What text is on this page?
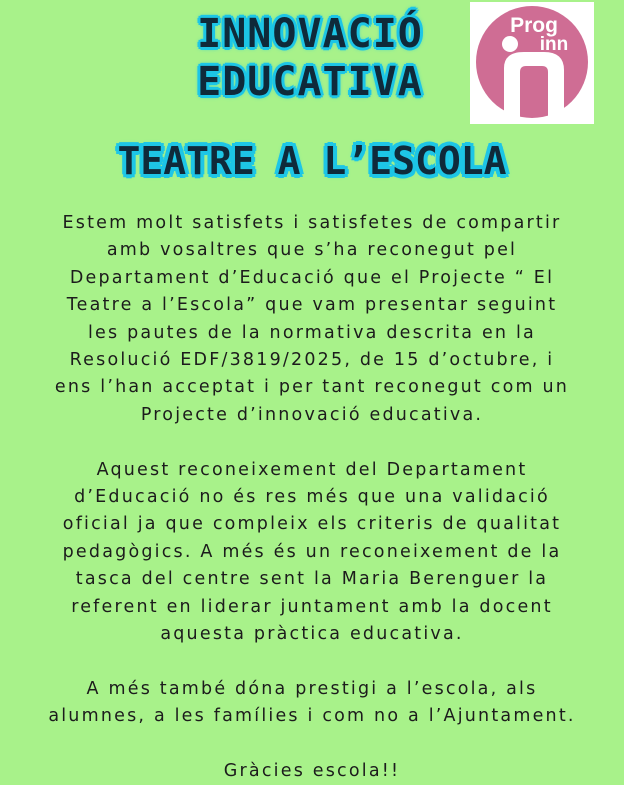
INNOVACIÓ
EDUCATIVA
Prog
inn
TEATRE A L’ESCOLA

Estem molt satisfets i satisfetes de compartir
amb vosaltres que s’ha reconegut pel
Departament d’Educació que el Projecte “ El
Teatre a l’Escola” que vam presentar seguint
les pautes de la normativa descrita en la
Resolució EDF/3819/2025, de 15 d’octubre, i
ens l’han acceptat i per tant reconegut com un
Projecte d’innovació educativa.

Aquest reconeixement del Departament
d’Educació no és res més que una validació
oficial ja que compleix els criteris de qualitat
pedagògics. A més és un reconeixement de la
tasca del centre sent la Maria Berenguer la
referent en liderar juntament amb la docent
aquesta pràctica educativa.

A més també dóna prestigi a l’escola, als
alumnes, a les famílies i com no a l’Ajuntament.

Gràcies escola!!
